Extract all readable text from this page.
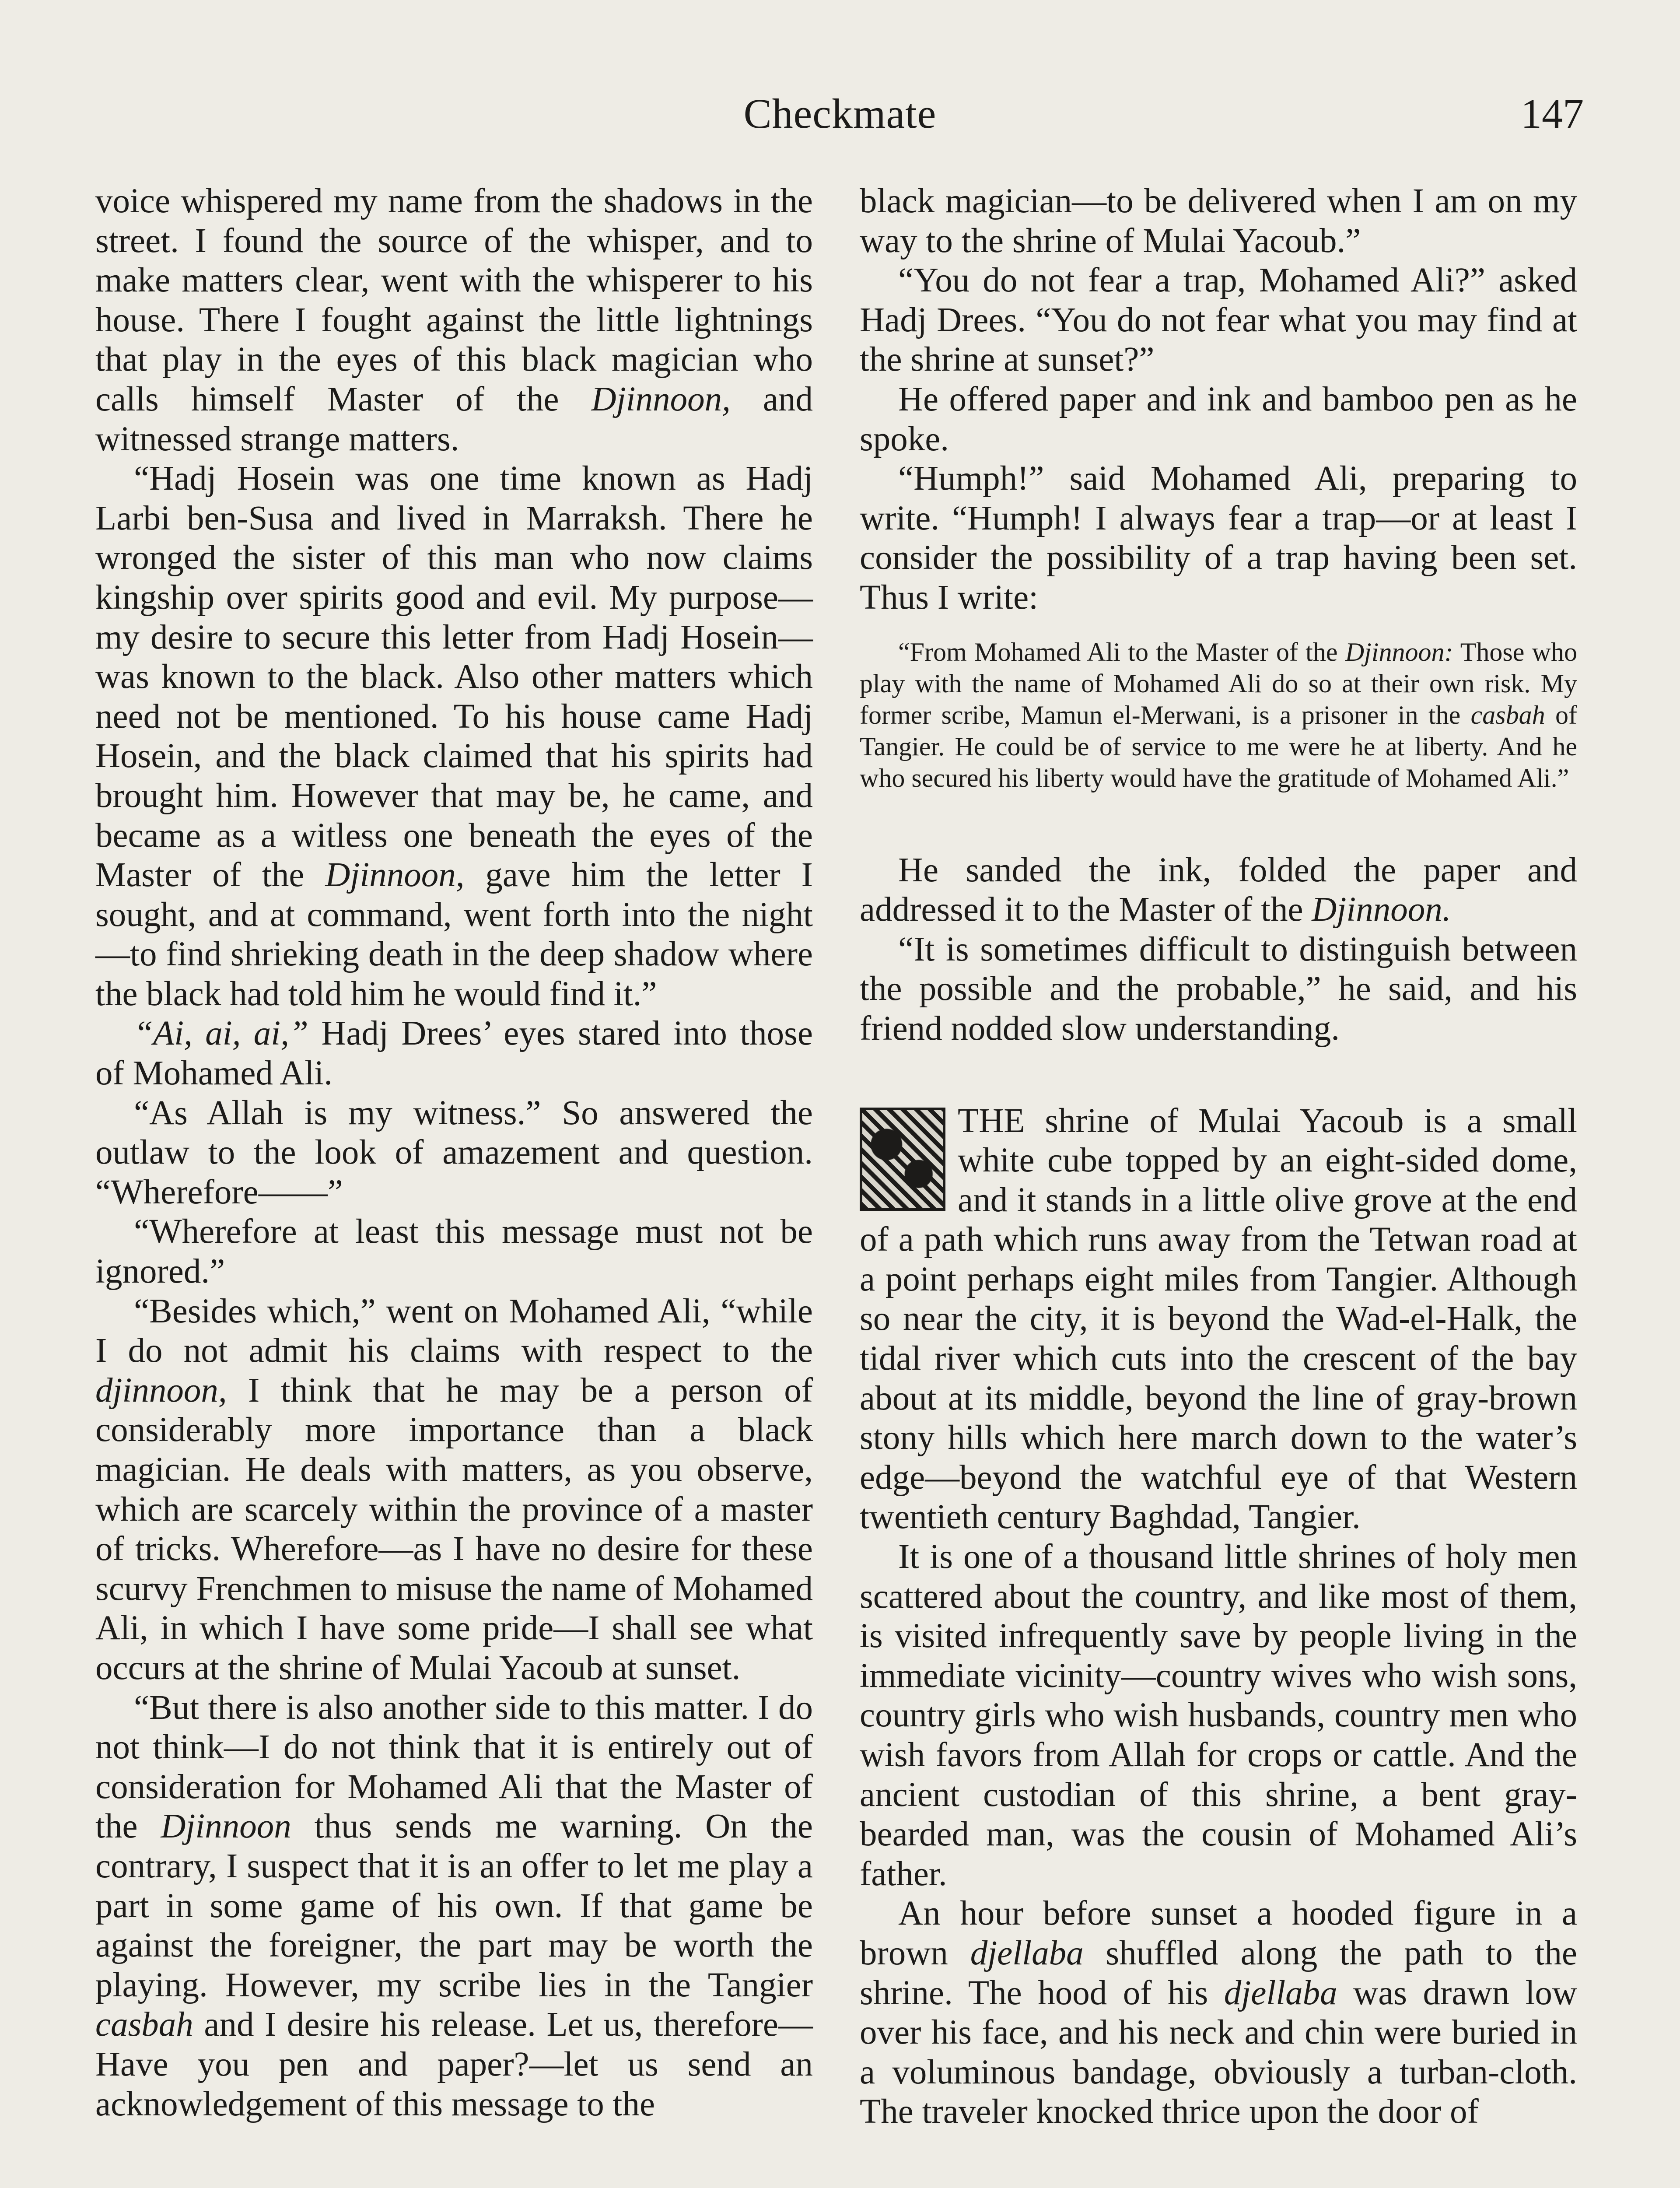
Checkmate	147

voice whispered my name from the shadows in the street. I found the source of the whisper, and to make matters clear, went with the whisperer to his house. There I fought against the little lightnings that play in the eyes of this black magician who calls himself Master of the Djinnoon, and witnessed strange matters.

“Hadj Hosein was one time known as Hadj Larbi ben-Susa and lived in Marraksh. There he wronged the sister of this man who now claims kingship over spirits good and evil. My purpose—my desire to secure this letter from Hadj Hosein—was known to the black. Also other matters which need not be mentioned. To his house came Hadj Hosein, and the black claimed that his spirits had brought him. However that may be, he came, and became as a witless one beneath the eyes of the Master of the Djinnoon, gave him the letter I sought, and at command, went forth into the night—to find shrieking death in the deep shadow where the black had told him he would find it.”

“Ai, ai, ai,” Hadj Drees’ eyes stared into those of Mohamed Ali.

“As Allah is my witness.” So answered the outlaw to the look of amazement and question. “Wherefore——”

“Wherefore at least this message must not be ignored.”

“Besides which,” went on Mohamed Ali, “while I do not admit his claims with respect to the djinnoon, I think that he may be a person of considerably more importance than a black magician. He deals with matters, as you observe, which are scarcely within the province of a master of tricks. Wherefore—as I have no desire for these scurvy Frenchmen to misuse the name of Mohamed Ali, in which I have some pride—I shall see what occurs at the shrine of Mulai Yacoub at sunset.

“But there is also another side to this matter. I do not think—I do not think that it is entirely out of consideration for Mohamed Ali that the Master of the Djinnoon thus sends me warning. On the contrary, I suspect that it is an offer to let me play a part in some game of his own. If that game be against the foreigner, the part may be worth the playing. However, my scribe lies in the Tangier casbah and I desire his release. Let us, therefore—Have you pen and paper?—let us send an acknowledgement of this message to the

black magician—to be delivered when I am on my way to the shrine of Mulai Yacoub.”

“You do not fear a trap, Mohamed Ali?” asked Hadj Drees. “You do not fear what you may find at the shrine at sunset?”

He offered paper and ink and bamboo pen as he spoke.

“Humph!” said Mohamed Ali, preparing to write. “Humph! I always fear a trap—or at least I consider the possibility of a trap having been set. Thus I write:

“From Mohamed Ali to the Master of the Djinnoon: Those who play with the name of Mohamed Ali do so at their own risk. My former scribe, Mamun el-Merwani, is a prisoner in the casbah of Tangier. He could be of service to me were he at liberty. And he who secured his liberty would have the gratitude of Mohamed Ali.”

He sanded the ink, folded the paper and addressed it to the Master of the Djinnoon.

“It is sometimes difficult to distinguish between the possible and the probable,” he said, and his friend nodded slow understanding.

THE shrine of Mulai Yacoub is a small white cube topped by an eight-sided dome, and it stands in a little olive grove at the end of a path which runs away from the Tetwan road at a point perhaps eight miles from Tangier. Although so near the city, it is beyond the Wad-el-Halk, the tidal river which cuts into the crescent of the bay about at its middle, beyond the line of gray-brown stony hills which here march down to the water’s edge—beyond the watchful eye of that Western twentieth century Baghdad, Tangier.

It is one of a thousand little shrines of holy men scattered about the country, and like most of them, is visited infrequently save by people living in the immediate vicinity—country wives who wish sons, country girls who wish husbands, country men who wish favors from Allah for crops or cattle. And the ancient custodian of this shrine, a bent gray-bearded man, was the cousin of Mohamed Ali’s father.

An hour before sunset a hooded figure in a brown djellaba shuffled along the path to the shrine. The hood of his djellaba was drawn low over his face, and his neck and chin were buried in a voluminous bandage, obviously a turban-cloth. The traveler knocked thrice upon the door of
